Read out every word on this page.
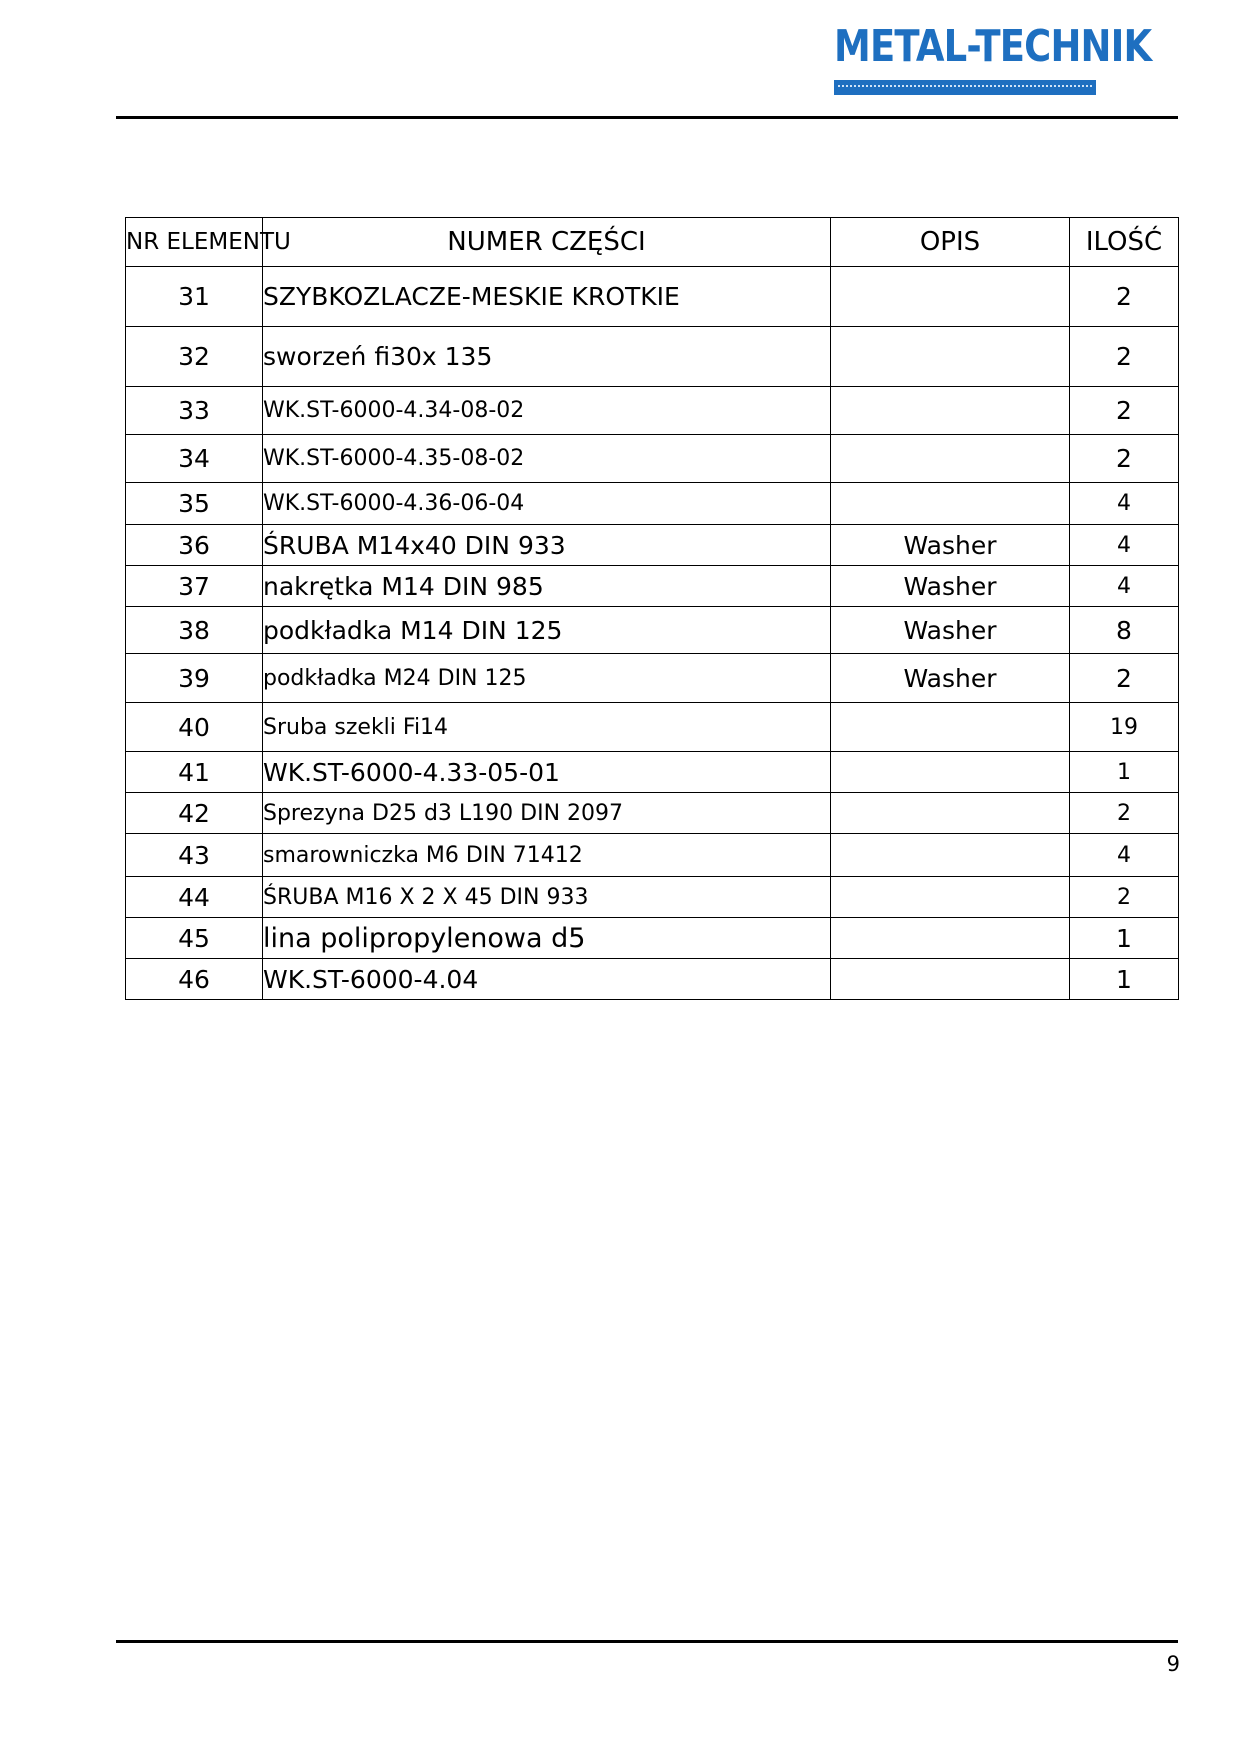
METAL-TECHNIK
NR ELEMENTU	NUMER CZĘŚCI	OPIS	ILOŚĆ
31	SZYBKOZLACZE-MESKIE KROTKIE		2
32	sworzeń fi30x 135		2
33	WK.ST-6000-4.34-08-02		2
34	WK.ST-6000-4.35-08-02		2
35	WK.ST-6000-4.36-06-04		4
36	ŚRUBA M14x40 DIN 933	Washer	4
37	nakrętka M14 DIN 985	Washer	4
38	podkładka M14 DIN 125	Washer	8
39	podkładka M24 DIN 125	Washer	2
40	Sruba szekli Fi14		19
41	WK.ST-6000-4.33-05-01		1
42	Sprezyna D25 d3 L190 DIN 2097		2
43	smarowniczka M6 DIN 71412		4
44	ŚRUBA M16 X 2 X 45 DIN 933		2
45	lina polipropylenowa d5		1
46	WK.ST-6000-4.04		1
9
